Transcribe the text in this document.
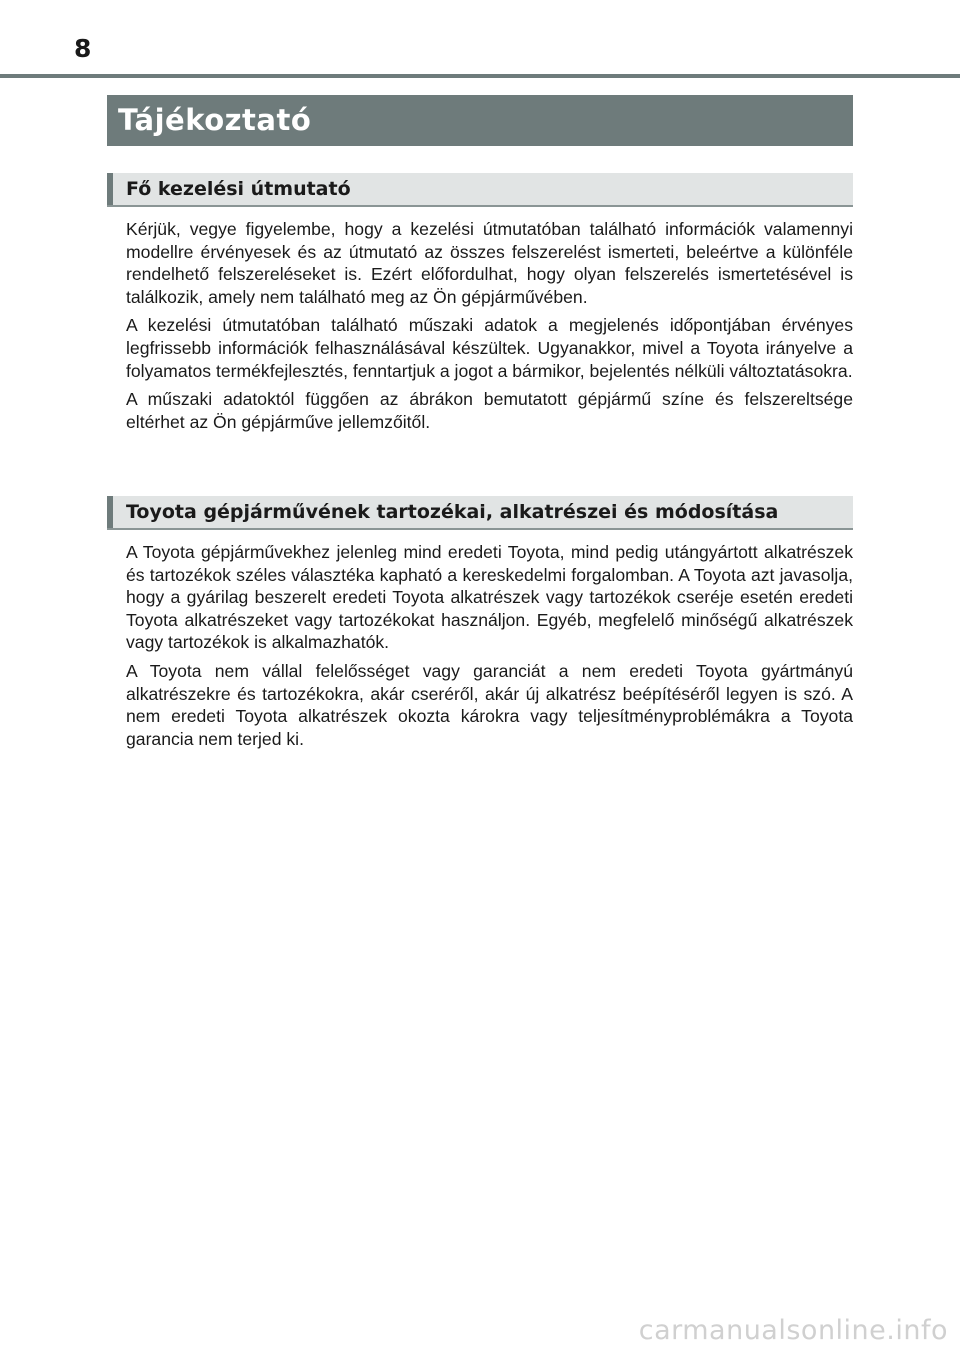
8
Tájékoztató
Fő kezelési útmutató

Kérjük, vegye figyelembe, hogy a kezelési útmutatóban található információk valamennyi modellre érvényesek és az útmutató az összes felszerelést ismerteti, beleértve a különféle rendelhető felszereléseket is. Ezért előfordulhat, hogy olyan felszerelés ismertetésével is találkozik, amely nem található meg az Ön gépjárművében.

A kezelési útmutatóban található műszaki adatok a megjelenés időpontjában érvényes legfrissebb információk felhasználásával készültek. Ugyanakkor, mivel a Toyota irányelve a folyamatos termékfejlesztés, fenntartjuk a jogot a bármikor, bejelentés nélküli változtatásokra.

A műszaki adatoktól függően az ábrákon bemutatott gépjármű színe és felszereltsége eltérhet az Ön gépjárműve jellemzőitől.

Toyota gépjárművének tartozékai, alkatrészei és módosítása

A Toyota gépjárművekhez jelenleg mind eredeti Toyota, mind pedig utángyártott alkatrészek és tartozékok széles választéka kapható a kereskedelmi forgalomban. A Toyota azt javasolja, hogy a gyárilag beszerelt eredeti Toyota alkatrészek vagy tartozékok cseréje esetén eredeti Toyota alkatrészeket vagy tartozékokat használjon. Egyéb, megfelelő minőségű alkatrészek vagy tartozékok is alkalmazhatók.

A Toyota nem vállal felelősséget vagy garanciát a nem eredeti Toyota gyártmányú alkatrészekre és tartozékokra, akár cseréről, akár új alkatrész beépítéséről legyen is szó. A nem eredeti Toyota alkatrészek okozta károkra vagy teljesítményproblémákra a Toyota garancia nem terjed ki.

carmanualsonline.info
